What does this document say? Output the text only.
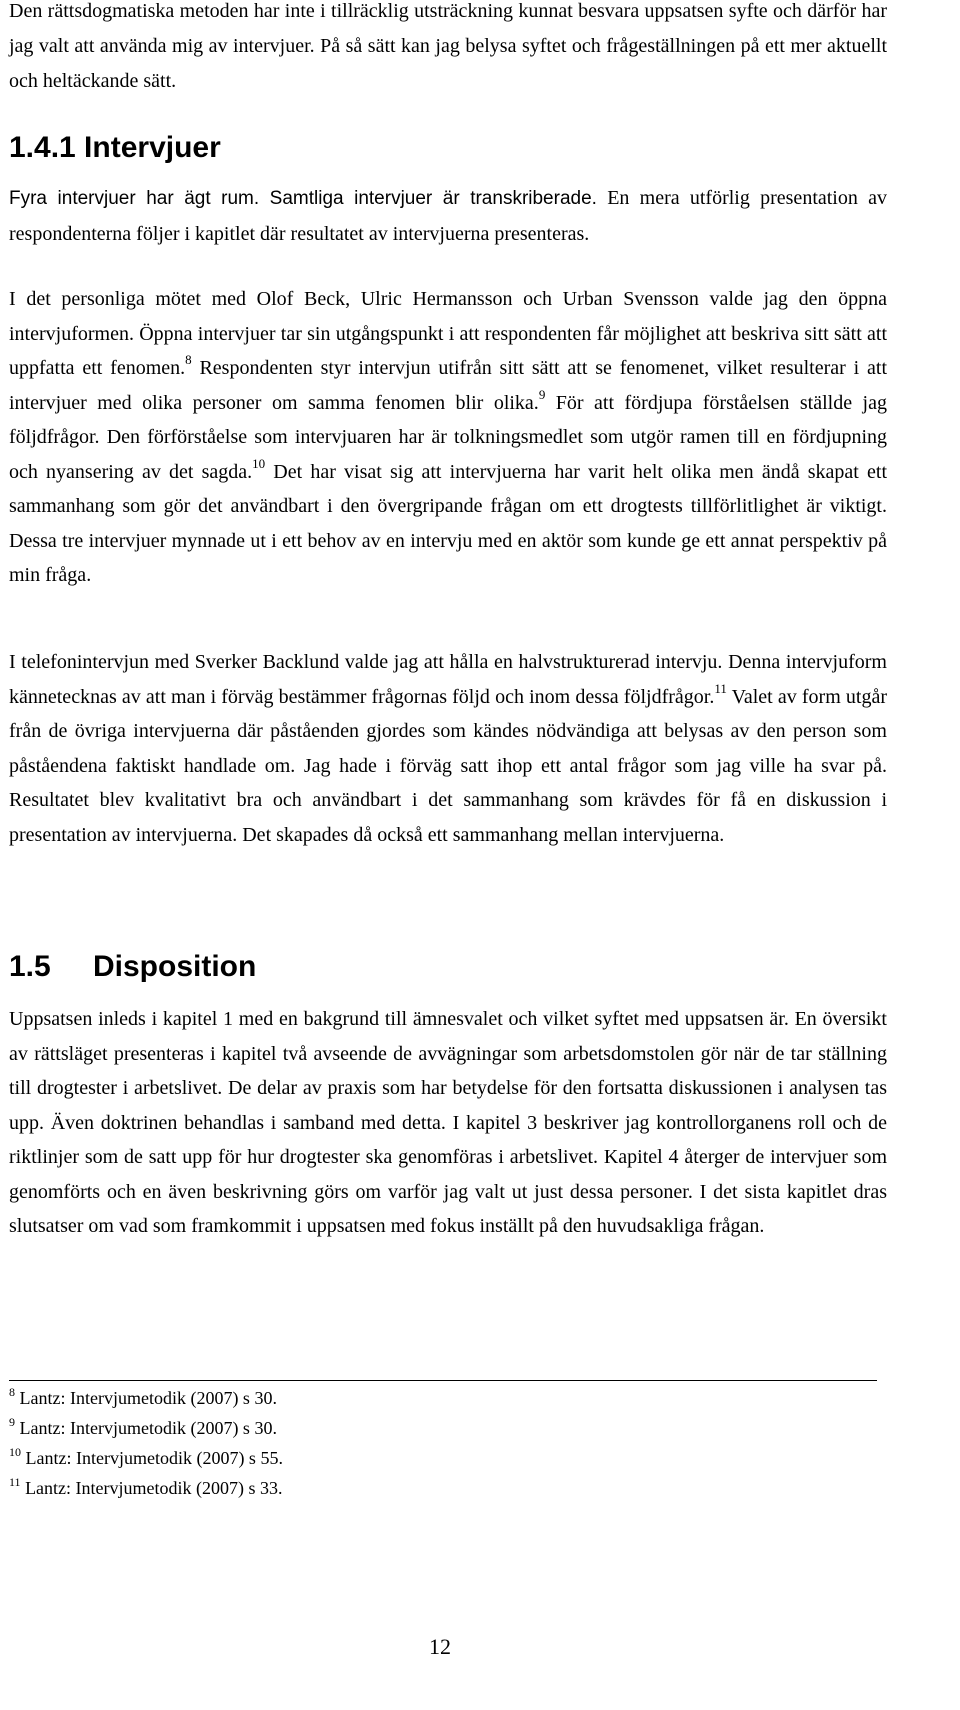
Den rättsdogmatiska metoden har inte i tillräcklig utsträckning kunnat besvara uppsatsen syfte och därför har jag valt att använda mig av intervjuer. På så sätt kan jag belysa syftet och frågeställningen på ett mer aktuellt och heltäckande sätt.

1.4.1 Intervjuer

Fyra intervjuer har ägt rum. Samtliga intervjuer är transkriberade. En mera utförlig presentation av respondenterna följer i kapitlet där resultatet av intervjuerna presenteras.

I det personliga mötet med Olof Beck, Ulric Hermansson och Urban Svensson valde jag den öppna intervjuformen. Öppna intervjuer tar sin utgångspunkt i att respondenten får möjlighet att beskriva sitt sätt att uppfatta ett fenomen.$^8$ Respondenten styr intervjun utifrån sitt sätt att se fenomenet, vilket resulterar i att intervjuer med olika personer om samma fenomen blir olika.$^9$ För att fördjupa förståelsen ställde jag följdfrågor. Den förförståelse som intervjuaren har är tolkningsmedlet som utgör ramen till en fördjupning och nyansering av det sagda.$^{10}$ Det har visat sig att intervjuerna har varit helt olika men ändå skapat ett sammanhang som gör det användbart i den övergripande frågan om ett drogtests tillförlitlighet är viktigt. Dessa tre intervjuer mynnade ut i ett behov av en intervju med en aktör som kunde ge ett annat perspektiv på min fråga.

I telefonintervjun med Sverker Backlund valde jag att hålla en halvstrukturerad intervju. Denna intervjuform kännetecknas av att man i förväg bestämmer frågornas följd och inom dessa följdfrågor.$^{11}$ Valet av form utgår från de övriga intervjuerna där påståenden gjordes som kändes nödvändiga att belysas av den person som påståendena faktiskt handlade om. Jag hade i förväg satt ihop ett antal frågor som jag ville ha svar på. Resultatet blev kvalitativt bra och användbart i det sammanhang som krävdes för få en diskussion i presentation av intervjuerna. Det skapades då också ett sammanhang mellan intervjuerna.

1.5 Disposition

Uppsatsen inleds i kapitel 1 med en bakgrund till ämnesvalet och vilket syftet med uppsatsen är. En översikt av rättsläget presenteras i kapitel två avseende de avvägningar som arbetsdomstolen gör när de tar ställning till drogtester i arbetslivet. De delar av praxis som har betydelse för den fortsatta diskussionen i analysen tas upp. Även doktrinen behandlas i samband med detta. I kapitel 3 beskriver jag kontrollorganens roll och de riktlinjer som de satt upp för hur drogtester ska genomföras i arbetslivet. Kapitel 4 återger de intervjuer som genomförts och en även beskrivning görs om varför jag valt ut just dessa personer. I det sista kapitlet dras slutsatser om vad som framkommit i uppsatsen med fokus inställt på den huvudsakliga frågan.

$^8$ Lantz: Intervjumetodik (2007) s 30.

$^9$ Lantz: Intervjumetodik (2007) s 30.

$^{10}$ Lantz: Intervjumetodik (2007) s 55.

$^{11}$ Lantz: Intervjumetodik (2007) s 33.

12
